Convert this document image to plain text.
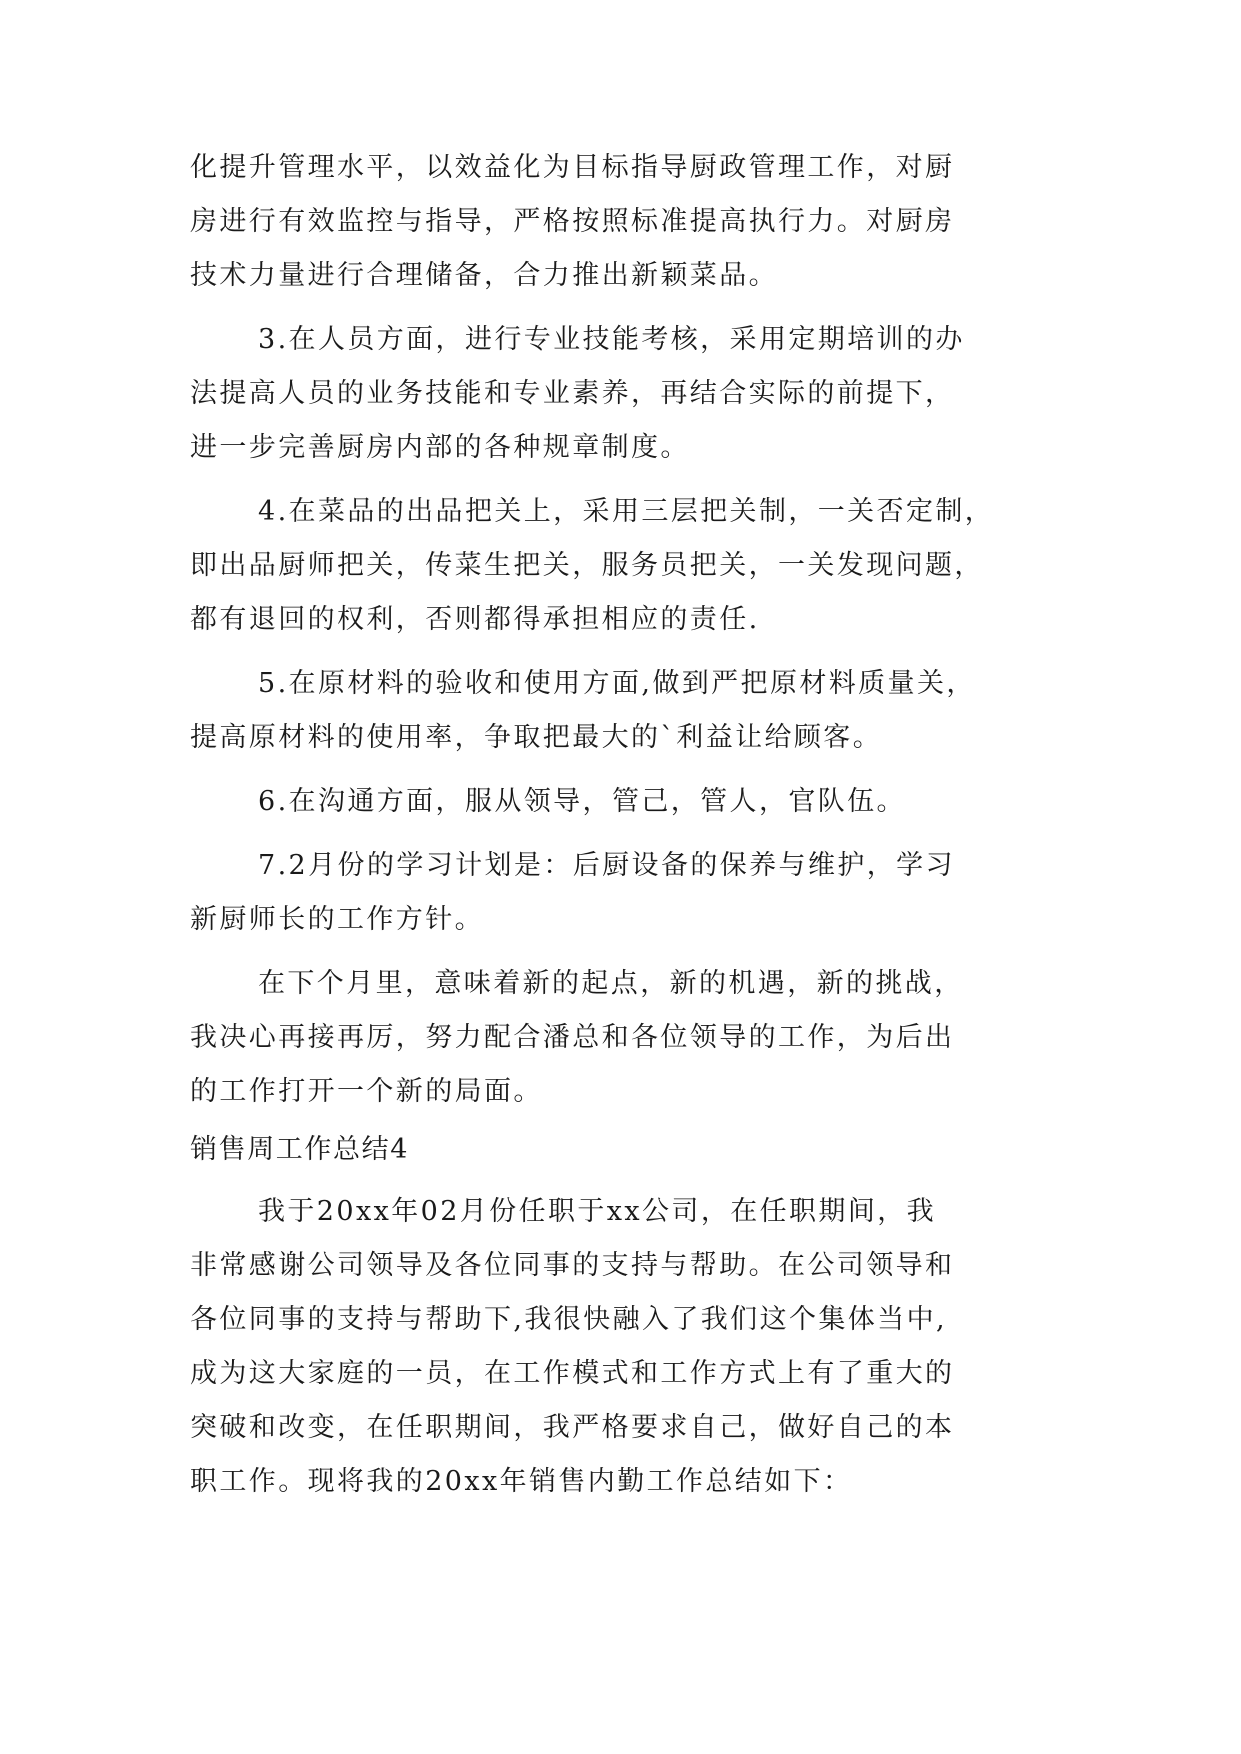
化提升管理水平，以效益化为目标指导厨政管理工作，对厨
房进行有效监控与指导，严格按照标准提高执行力。对厨房
技术力量进行合理储备，合力推出新颖菜品。
3.在人员方面，进行专业技能考核，采用定期培训的办
法提高人员的业务技能和专业素养，再结合实际的前提下，
进一步完善厨房内部的各种规章制度。
4.在菜品的出品把关上，采用三层把关制，一关否定制，
即出品厨师把关，传菜生把关，服务员把关，一关发现问题，
都有退回的权利，否则都得承担相应的责任.
5.在原材料的验收和使用方面,做到严把原材料质量关，
提高原材料的使用率，争取把最大的`利益让给顾客。
6.在沟通方面，服从领导，管己，管人，官队伍。
7.2月份的学习计划是：后厨设备的保养与维护，学习
新厨师长的工作方针。
在下个月里，意味着新的起点，新的机遇，新的挑战，
我决心再接再厉，努力配合潘总和各位领导的工作，为后出
的工作打开一个新的局面。
销售周工作总结4
我于20xx年02月份任职于xx公司，在任职期间，我
非常感谢公司领导及各位同事的支持与帮助。在公司领导和
各位同事的支持与帮助下,我很快融入了我们这个集体当中,
成为这大家庭的一员，在工作模式和工作方式上有了重大的
突破和改变，在任职期间，我严格要求自己，做好自己的本
职工作。现将我的20xx年销售内勤工作总结如下：
